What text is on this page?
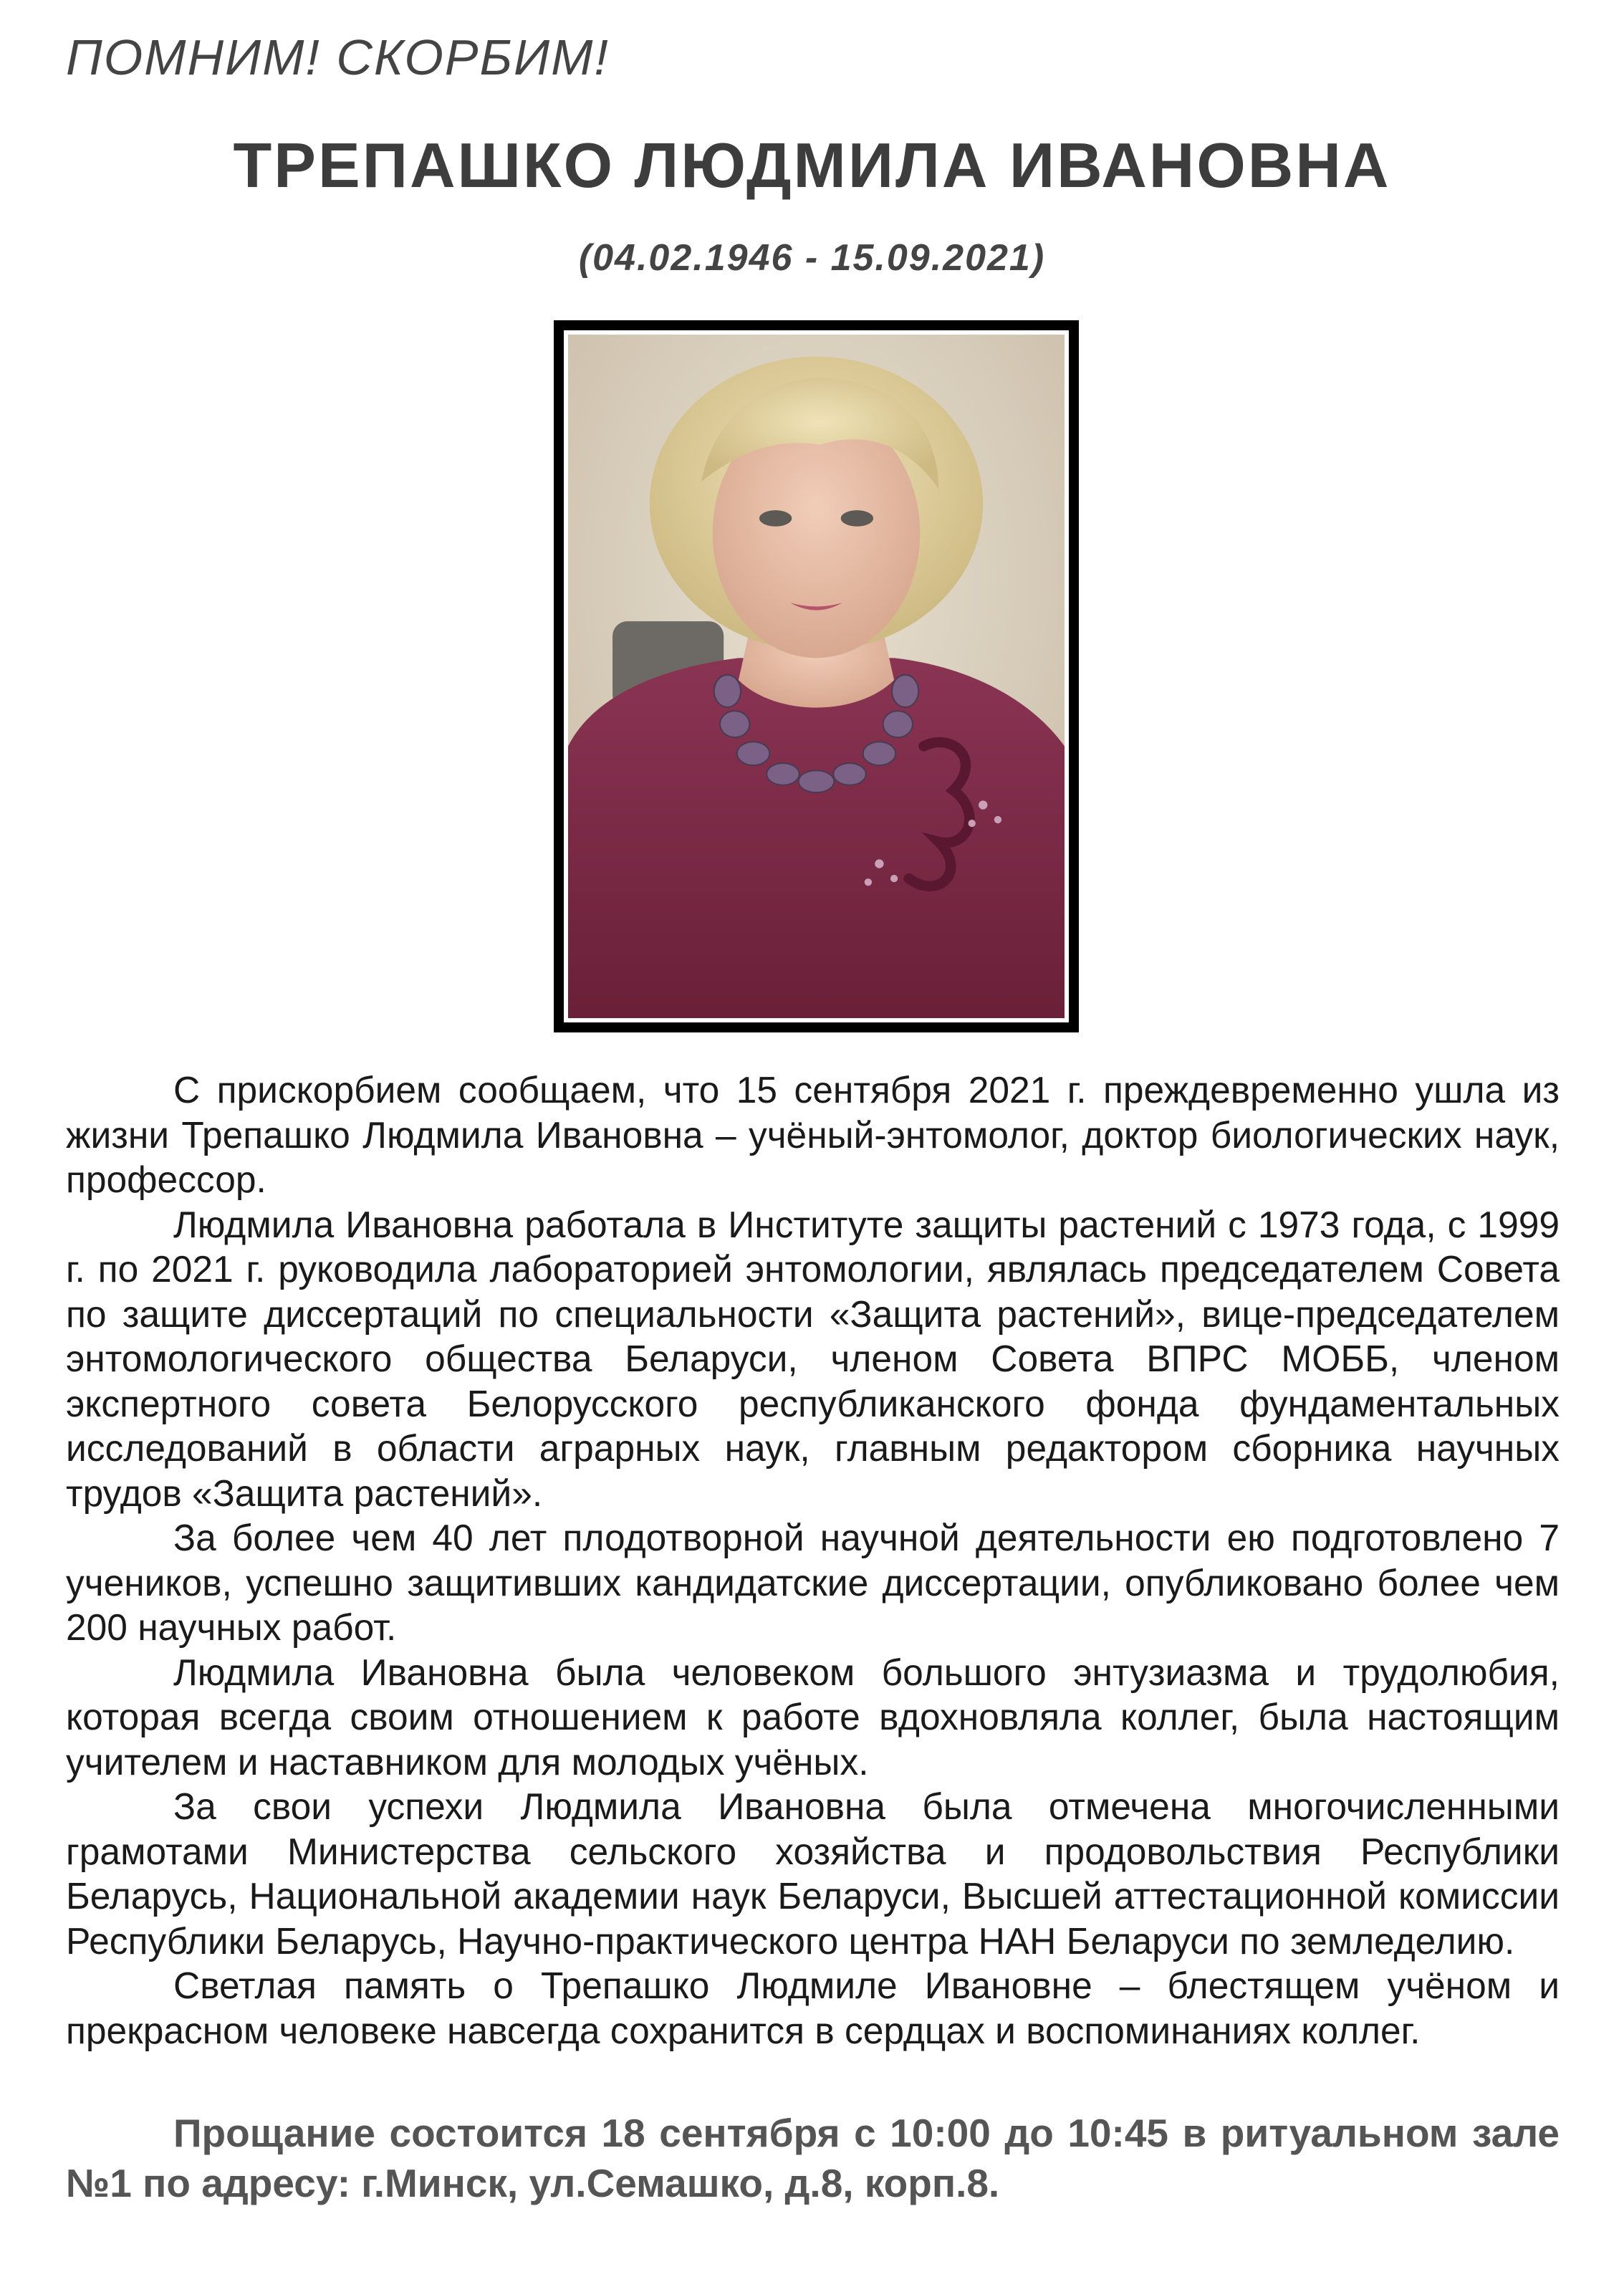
ПОМНИМ! СКОРБИМ!
ТРЕПАШКО ЛЮДМИЛА ИВАНОВНА
(04.02.1946 - 15.09.2021)

С прискорбием сообщаем, что 15 сентября 2021 г. преждевременно ушла из жизни Трепашко Людмила Ивановна – учёный-энтомолог, доктор биологических наук, профессор.

Людмила Ивановна работала в Институте защиты растений с 1973 года, с 1999 г. по 2021 г. руководила лабораторией энтомологии, являлась председателем Совета по защите диссертаций по специальности «Защита растений», вице-председателем энтомологического общества Беларуси, членом Совета ВПРС МОББ, членом экспертного совета Белорусского республиканского фонда фундаментальных исследований в области аграрных наук, главным редактором сборника научных трудов «Защита растений».

За более чем 40 лет плодотворной научной деятельности ею подготовлено 7 учеников, успешно защитивших кандидатские диссертации, опубликовано более чем 200 научных работ.

Людмила Ивановна была человеком большого энтузиазма и трудолюбия, которая всегда своим отношением к работе вдохновляла коллег, была настоящим учителем и наставником для молодых учёных.

За свои успехи Людмила Ивановна была отмечена многочисленными грамотами Министерства сельского хозяйства и продовольствия Республики Беларусь, Национальной академии наук Беларуси, Высшей аттестационной комиссии Республики Беларусь, Научно-практического центра НАН Беларуси по земледелию.

Светлая память о Трепашко Людмиле Ивановне – блестящем учёном и прекрасном человеке навсегда сохранится в сердцах и воспоминаниях коллег.

Прощание состоится 18 сентября с 10:00 до 10:45 в ритуальном зале №1 по адресу: г.Минск, ул.Семашко, д.8, корп.8.
